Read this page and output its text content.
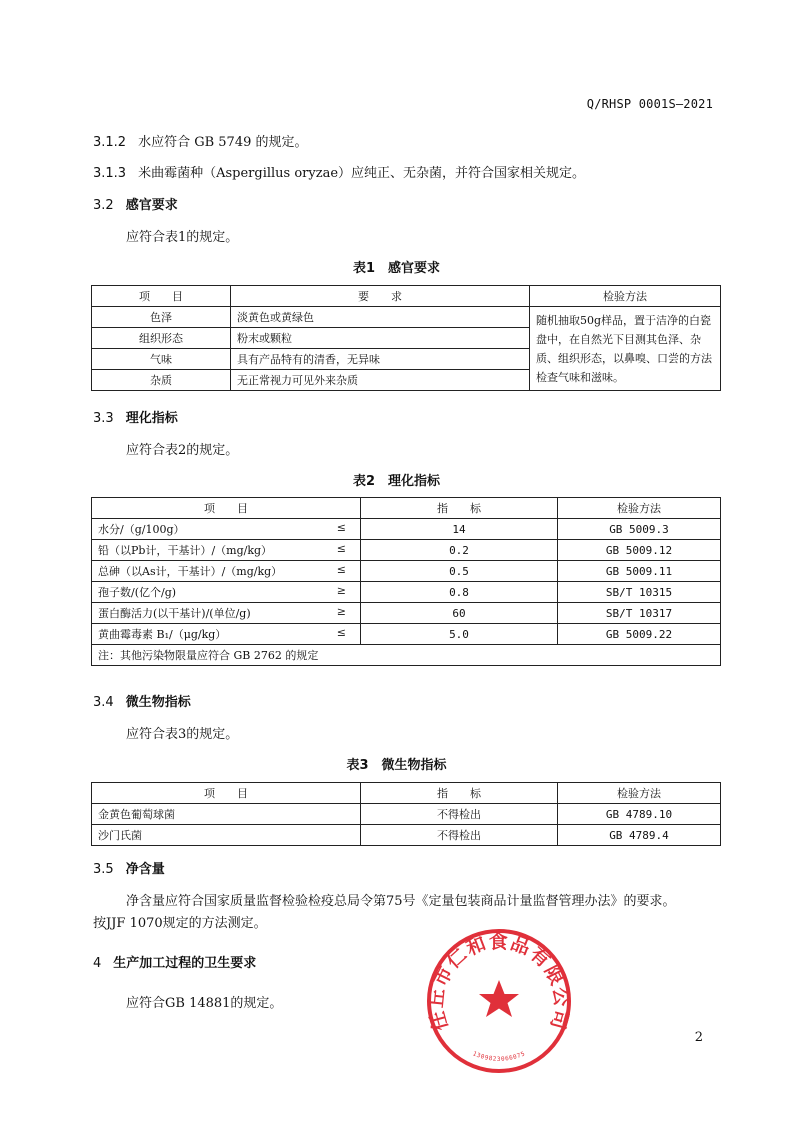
Q/RHSP 0001S—2021
3.1.2 水应符合 GB 5749 的规定。
3.1.3 米曲霉菌种（Aspergillus oryzae）应纯正、无杂菌，并符合国家相关规定。
3.2 感官要求
应符合表1的规定。
表1　感官要求
项　　目	要　　求	检验方法
色泽	淡黄色或黄绿色	随机抽取50g样品，置于洁净的白瓷盘中，在自然光下目测其色泽、杂质、组织形态，以鼻嗅、口尝的方法检查气味和滋味。
组织形态	粉末或颗粒	
气味	具有产品特有的清香，无异味	
杂质	无正常视力可见外来杂质	
3.3 理化指标
应符合表2的规定。
表2　理化指标
项　　目	指　　标	检验方法

水分/（g/100g） ≤	14	GB 5009.3

铅（以Pb计，干基计）/（mg/kg） ≤	0.2	GB 5009.12

总砷（以As计，干基计）/（mg/kg） ≤	0.5	GB 5009.11

孢子数/(亿个/g) ≥	0.8	SB/T 10315

蛋白酶活力(以干基计)/(单位/g) ≥	60	SB/T 10317

黄曲霉毒素 B₁/（μg/kg） ≤	5.0	GB 5009.22
注：其他污染物限量应符合 GB 2762 的规定		
3.4 微生物指标
应符合表3的规定。
表3　微生物指标
项　　目	指　　标	检验方法
金黄色葡萄球菌	不得检出	GB 4789.10
沙门氏菌	不得检出	GB 4789.4
3.5 净含量
净含量应符合国家质量监督检验检疫总局令第75号《定量包装商品计量监督管理办法》的要求。
按JJF 1070规定的方法测定。
4 生产加工过程的卫生要求
应符合GB 14881的规定。
任丘市仁和食品有限公司
1309823066075
2
